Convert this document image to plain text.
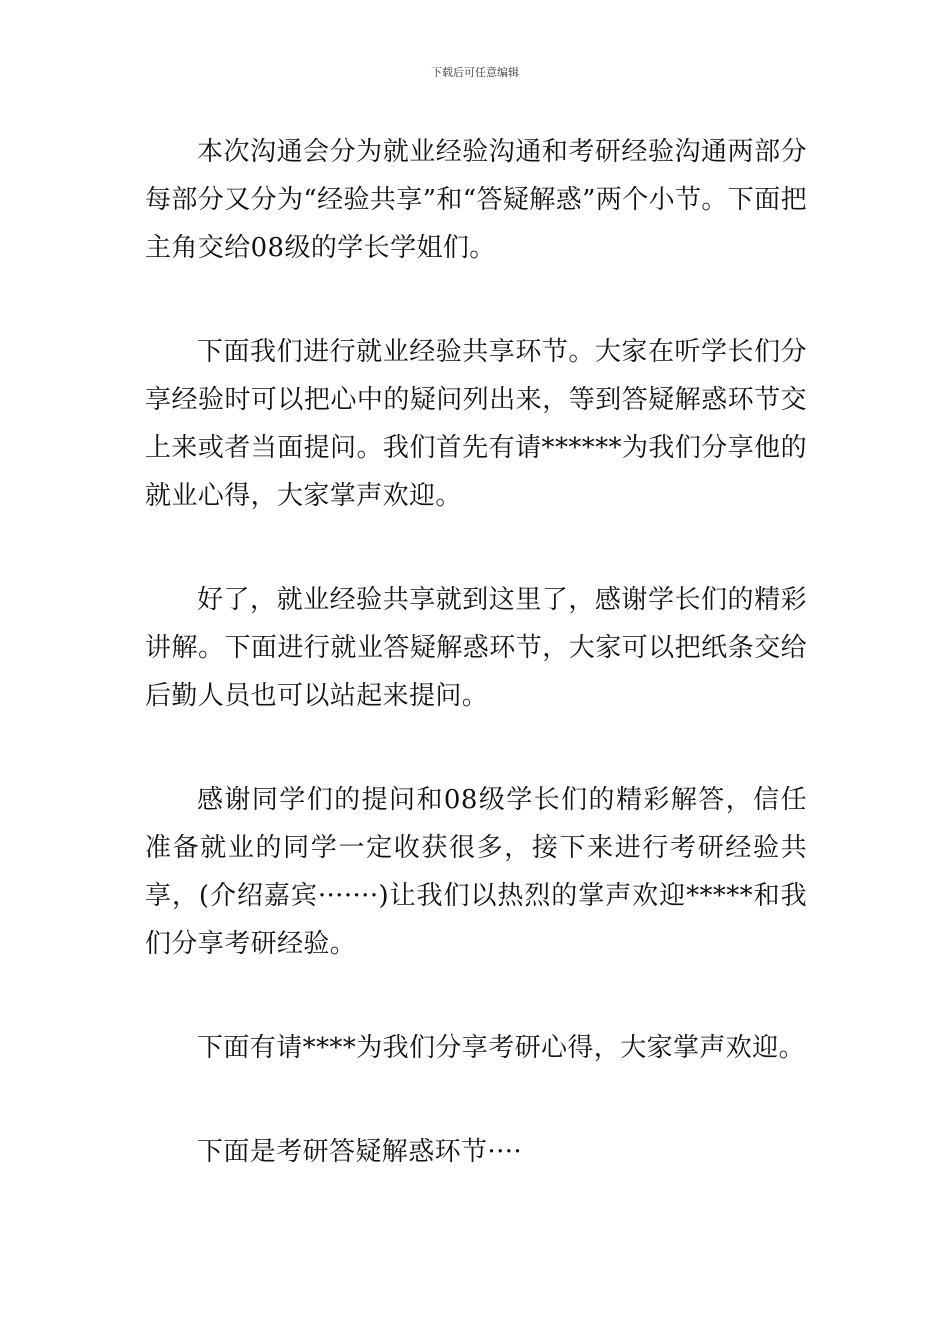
下载后可任意编辑

本次沟通会分为就业经验沟通和考研经验沟通两部分每部分又分为“经验共享”和“答疑解惑”两个小节。下面把主角交给08级的学长学姐们。

下面我们进行就业经验共享环节。大家在听学长们分享经验时可以把心中的疑问列出来，等到答疑解惑环节交上来或者当面提问。我们首先有请******为我们分享他的就业心得，大家掌声欢迎。

好了，就业经验共享就到这里了，感谢学长们的精彩讲解。下面进行就业答疑解惑环节，大家可以把纸条交给后勤人员也可以站起来提问。

感谢同学们的提问和08级学长们的精彩解答，信任准备就业的同学一定收获很多，接下来进行考研经验共享，(介绍嘉宾·······)让我们以热烈的掌声欢迎*****和我们分享考研经验。

下面有请****为我们分享考研心得，大家掌声欢迎。

下面是考研答疑解惑环节····
